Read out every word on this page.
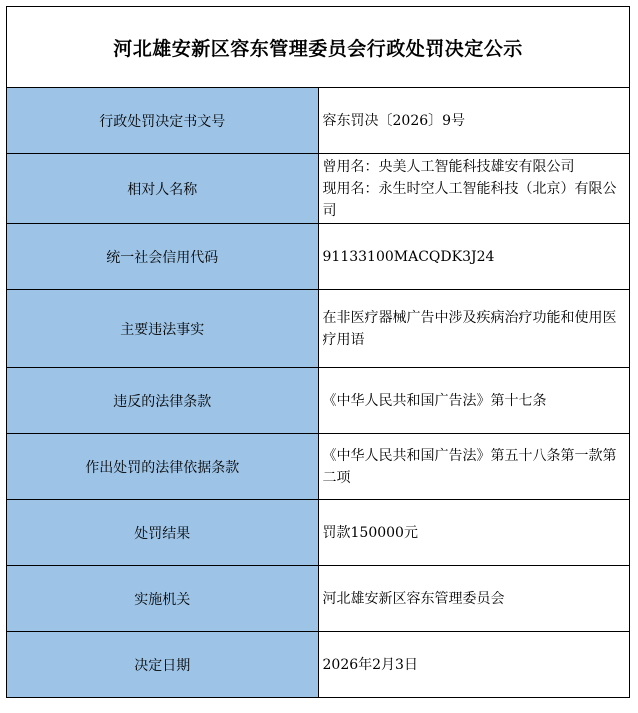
河北雄安新区容东管理委员会行政处罚决定公示	
行政处罚决定书文号	容东罚决〔2026〕9号

相对人名称	曾用名：央美人工智能科技雄安有限公司
现用名：永生时空人工智能科技（北京）有限公司

统一社会信用代码	91133100MACQDK3J24

主要违法事实	在非医疗器械广告中涉及疾病治疗功能和使用医疗用语

违反的法律条款	《中华人民共和国广告法》第十七条

作出处罚的法律依据条款	《中华人民共和国广告法》第五十八条第一款第二项

处罚结果	罚款150000元

实施机关	河北雄安新区容东管理委员会

决定日期	2026年2月3日
